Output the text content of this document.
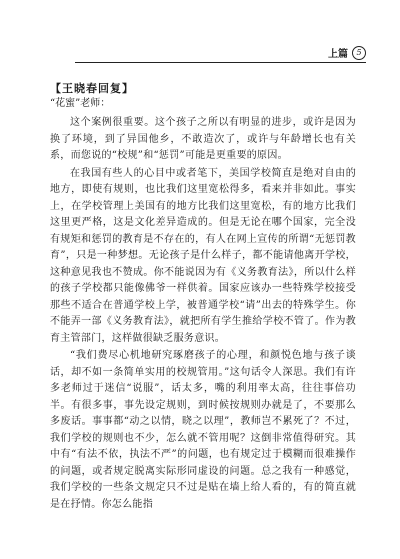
上篇	5
【王晓春回复】
“花蜜”老师：

这个案例很重要。这个孩子之所以有明显的进步，或许是因为换了环境，到了异国他乡，不敢造次了，或许与年龄增长也有关系，而您说的“校规”和“惩罚”可能是更重要的原因。

在我国有些人的心目中或者笔下，美国学校简直是绝对自由的地方，即使有规则，也比我们这里宽松得多，看来并非如此。事实上，在学校管理上美国有的地方比我们这里宽松，有的地方比我们这里更严格，这是文化差异造成的。但是无论在哪个国家，完全没有规矩和惩罚的教育是不存在的，有人在网上宣传的所谓“无惩罚教育”，只是一种梦想。无论孩子是什么样子，都不能请他离开学校，这种意见我也不赞成。你不能说因为有《义务教育法》，所以什么样的孩子学校都只能像佛爷一样供着。国家应该办一些特殊学校接受那些不适合在普通学校上学，被普通学校“请”出去的特殊学生。你不能弄一部《义务教育法》，就把所有学生推给学校不管了。作为教育主管部门，这样做很缺乏服务意识。

“我们费尽心机地研究琢磨孩子的心理，和颜悦色地与孩子谈话，却不如一条简单实用的校规管用。”这句话令人深思。我们有许多老师过于迷信“说服”，话太多，嘴的利用率太高，往往事倍功半。有很多事，事先设定规则，到时候按规则办就是了，不要那么多废话。事事都“动之以情，晓之以理”，教师岂不累死了？不过，我们学校的规则也不少，怎么就不管用呢？这倒非常值得研究。其中有“有法不依，执法不严”的问题，也有规定过于模糊而很难操作的问题，或者规定脱离实际形同虚设的问题。总之我有一种感觉，我们学校的一些条文规定只不过是贴在墙上给人看的，有的简直就是在抒情。你怎么能指
